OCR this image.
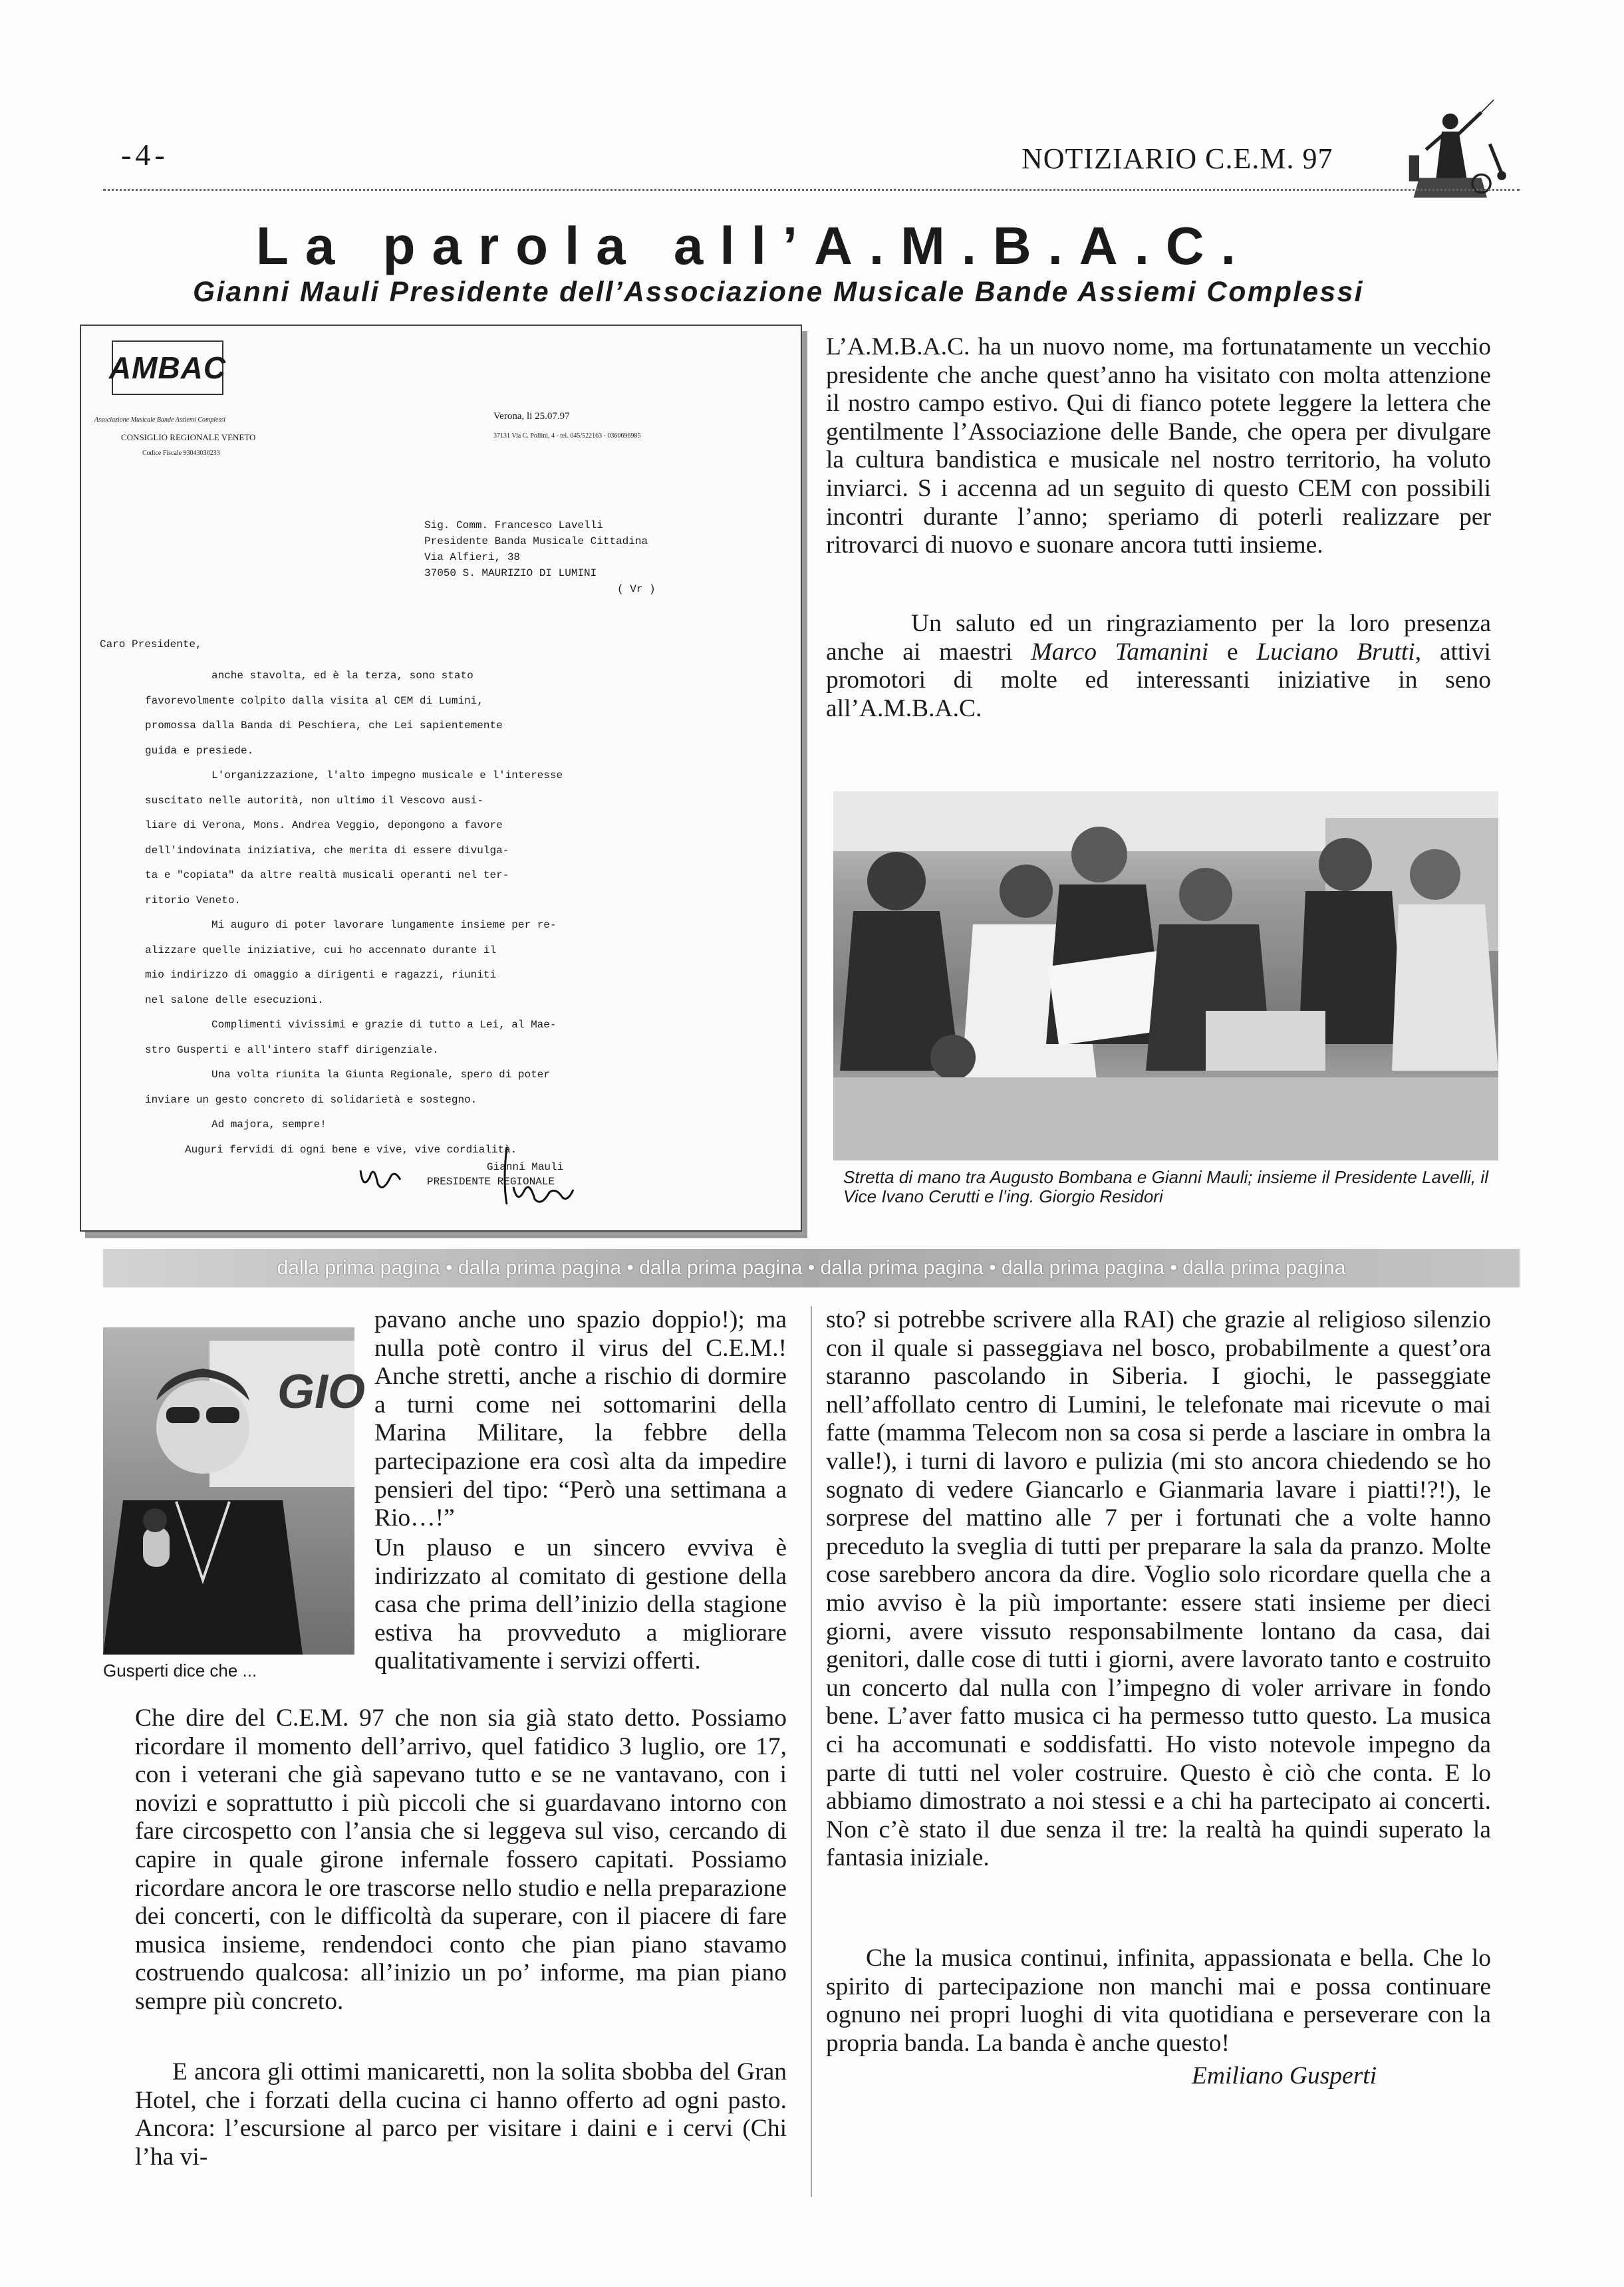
-4-	NOTIZIARIO C.E.M. 97
La parola all’A.M.B.A.C.
Gianni Mauli Presidente dell’Associazione Musicale Bande Assiemi Complessi
AMBAC
Associazione Musicale Bande Assiemi Complessi
CONSIGLIO REGIONALE VENETO
Codice Fiscale 93043030233
Verona, li 25.07.97
37131 Via C. Pollini, 4 - tel. 045/522163 - 0360696985
Sig. Comm. Francesco Lavelli
Presidente Banda Musicale Cittadina
Via Alfieri, 38
37050 S. MAURIZIO DI LUMINI
( Vr )
Caro Presidente,
anche stavolta, ed è la terza, sono stato
favorevolmente colpito dalla visita al CEM di Lumini,
promossa dalla Banda di Peschiera, che Lei sapientemente
guida e presiede.
L'organizzazione, l'alto impegno musicale e l'interesse
suscitato nelle autorità, non ultimo il Vescovo ausi-
liare di Verona, Mons. Andrea Veggio, depongono a favore
dell'indovinata iniziativa, che merita di essere divulga-
ta e "copiata" da altre realtà musicali operanti nel ter-
ritorio Veneto.
Mi auguro di poter lavorare lungamente insieme per re-
alizzare quelle iniziative, cui ho accennato durante il
mio indirizzo di omaggio a dirigenti e ragazzi, riuniti
nel salone delle esecuzioni.
Complimenti vivissimi e grazie di tutto a Lei, al Mae-
stro Gusperti e all'intero staff dirigenziale.
Una volta riunita la Giunta Regionale, spero di poter
inviare un gesto concreto di solidarietà e sostegno.
Ad majora, sempre!
Auguri fervidi di ogni bene e vive, vive cordialità.
Gianni Mauli
PRESIDENTE REGIONALE
L’A.M.B.A.C. ha un nuovo nome, ma fortunatamente un vecchio presidente che anche quest’anno ha visitato con molta attenzione il nostro campo estivo. Qui di fianco potete leggere la lettera che gentilmente l’Associazione delle Bande, che opera per divulgare la cultura bandistica e musicale nel nostro territorio, ha voluto inviarci. S i accenna ad un seguito di questo CEM con possibili incontri durante l’anno; speriamo di poterli realizzare per ritrovarci di nuovo e suonare ancora tutti insieme.
Un saluto ed un ringraziamento per la loro presenza anche ai maestri Marco Tamanini e Luciano Brutti, attivi promotori di molte ed interessanti iniziative in seno all’A.M.B.A.C.
Stretta di mano tra Augusto Bombana e Gianni Mauli; insieme il Presidente Lavelli, il Vice Ivano Cerutti e l’ing. Giorgio Residori
dalla prima pagina • dalla prima pagina • dalla prima pagina • dalla prima pagina • dalla prima pagina • dalla prima pagina
GIO
Gusperti dice che ...
pavano anche uno spazio doppio!); ma nulla potè contro il virus del C.E.M.! Anche stretti, anche a rischio di dormire a turni come nei sottomarini della Marina Militare, la febbre della partecipazione era così alta da impedire pensieri del tipo: “Però una settimana a Rio…!”
Un plauso e un sincero evviva è indirizzato al comitato di gestione della casa che prima dell’inizio della stagione estiva ha provveduto a migliorare qualitativamente i servizi offerti.
Che dire del C.E.M. 97 che non sia già stato detto. Possiamo ricordare il momento dell’arrivo, quel fatidico 3 luglio, ore 17, con i veterani che già sapevano tutto e se ne vantavano, con i novizi e soprattutto i più piccoli che si guardavano intorno con fare circospetto con l’ansia che si leggeva sul viso, cercando di capire in quale girone infernale fossero capitati. Possiamo ricordare ancora le ore trascorse nello studio e nella preparazione dei concerti, con le difficoltà da superare, con il piacere di fare musica insieme, rendendoci conto che pian piano stavamo costruendo qualcosa: all’inizio un po’ informe, ma pian piano sempre più concreto.
E ancora gli ottimi manicaretti, non la solita sbobba del Gran Hotel, che i forzati della cucina ci hanno offerto ad ogni pasto. Ancora: l’escursione al parco per visitare i daini e i cervi (Chi l’ha vi-
sto? si potrebbe scrivere alla RAI) che grazie al religioso silenzio con il quale si passeggiava nel bosco, probabilmente a quest’ora staranno pascolando in Siberia. I giochi, le passeggiate nell’affollato centro di Lumini, le telefonate mai ricevute o mai fatte (mamma Telecom non sa cosa si perde a lasciare in ombra la valle!), i turni di lavoro e pulizia (mi sto ancora chiedendo se ho sognato di vedere Giancarlo e Gianmaria lavare i piatti!?!), le sorprese del mattino alle 7 per i fortunati che a volte hanno preceduto la sveglia di tutti per preparare la sala da pranzo. Molte cose sarebbero ancora da dire. Voglio solo ricordare quella che a mio avviso è la più importante: essere stati insieme per dieci giorni, avere vissuto responsabilmente lontano da casa, dai genitori, dalle cose di tutti i giorni, avere lavorato tanto e costruito un concerto dal nulla con l’impegno di voler arrivare in fondo bene. L’aver fatto musica ci ha permesso tutto questo. La musica ci ha accomunati e soddisfatti. Ho visto notevole impegno da parte di tutti nel voler costruire. Questo è ciò che conta. E lo abbiamo dimostrato a noi stessi e a chi ha partecipato ai concerti. Non c’è stato il due senza il tre: la realtà ha quindi superato la fantasia iniziale.
Che la musica continui, infinita, appassionata e bella. Che lo spirito di partecipazione non manchi mai e possa continuare ognuno nei propri luoghi di vita quotidiana e perseverare con la propria banda. La banda è anche questo!
Emiliano Gusperti
